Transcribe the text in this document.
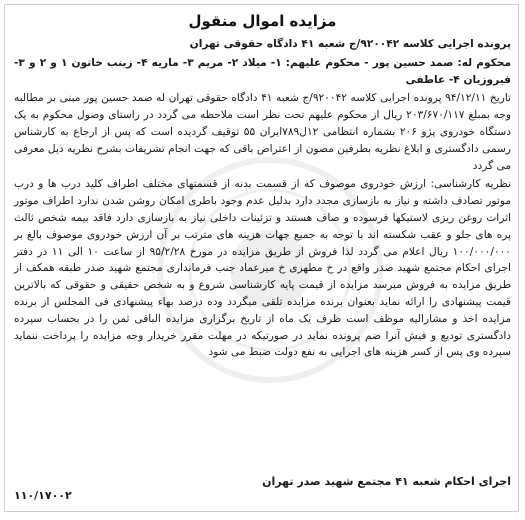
مزایده اموال منقول

پرونده اجرایی کلاسه ۹۲۰۰۴۲/ج شعبه ۴۱ دادگاه حقوقی تهران

محکوم له: صمد حسین پور - محکوم علیهم: ۱- میلاد ۲- مریم ۳- ماریه ۴- زینب خاتون ۱ و ۲ و ۳- فیروزیان ۴- عاطفی

تاریخ ۹۴/۱۲/۱۱ پرونده اجرایی کلاسه ۹۲۰۰۴۲/ج شعبه ۴۱ دادگاه حقوقی تهران له صمد حسین پور مبنی بر مطالبه وجه بمبلغ ۲۰۳/۶۷۰/۱۱۷ ریال از محکوم علیهم تحت نظر است ملاحظه می گردد در راستای وصول محکوم به یک دستگاه خودروی پژو ۲۰۶ بشماره انتظامی ۱۲ل۷۸۹ایران ۵۵ توقیف گردیده است که پس از ارجاع به کارشناس رسمی دادگستری و ابلاغ نظریه بطرفین مصون از اعتراض باقی که جهت انجام تشریفات بشرح نظریه ذیل معرفی می گردد

نظریه کارشناسی: ارزش خودروی موصوف که از قسمت بدنه از قسمتهای مختلف اطراف کلید درب ها و درب موتور تصادف داشته و نیاز به بازسازی مجدد دارد بدلیل عدم وجود باطری امکان روشن شدن ندارد اطراف موتور اثرات روغن ریزی لاستیکها فرسوده و صاف هستند و تزئینات داخلی نیاز به بازسازی دارد فاقد بیمه شخص ثالث پره های جلو و عقب شکسته اند با توجه به جمیع جهات هزینه های مترتب بر آن ارزش خودروی موصوف بالغ بر ۱۰۰/۰۰۰/۰۰۰ ریال اعلام می گردد لذا فروش از طریق مزایده در مورخ ۹۵/۲/۲۸ از ساعت ۱۰ الی ۱۱ در دفتر اجرای احکام مجتمع شهید صدر واقع در خ مطهری خ میرعماد جنب فرمانداری مجتمع شهید صدر طبقه همکف از طریق مزایده به فروش میرسد مزایده از قیمت پایه کارشناسی شروع و به شخص حقیقی و حقوقی که بالاترین قیمت پیشنهادی را ارائه نماید بعنوان برنده مزایده تلقی میگردد وده درصد بهاء پیشنهادی فی المجلس از برنده مزایده اخذ و مشارالیه موظف است ظرف یک ماه از تاریخ برگزاری مزایده الباقی ثمن را در بحساب سپرده دادگستری تودیع و فیش آنرا ضم پرونده نماید در صورتیکه در مهلت مقرر خریدار وجه مزایده را پرداخت ننماید سپرده وی پس از کسر هزینه های اجرایی به نفع دولت ضبط می شود

اجرای احکام شعبه ۴۱ مجتمع شهید صدر تهران
۱۱۰/۱۷۰۰۲
